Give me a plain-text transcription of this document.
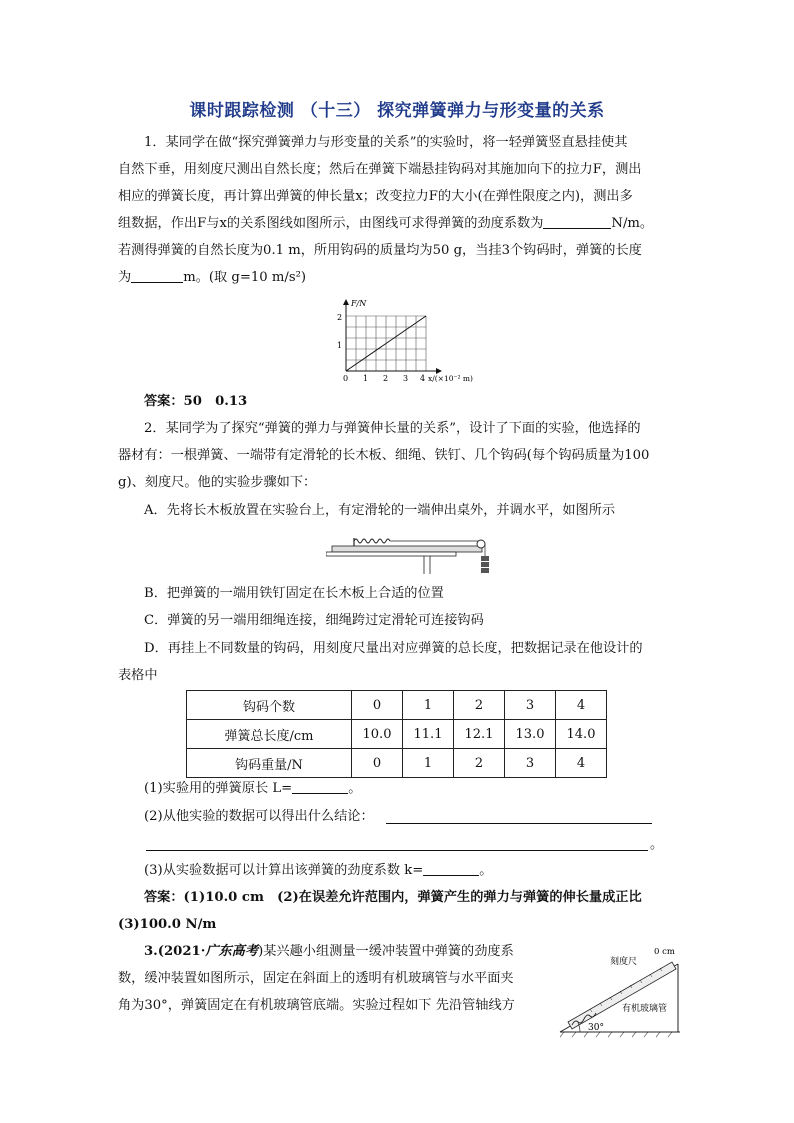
课时跟踪检测 （十三） 探究弹簧弹力与形变量的关系
1．某同学在做“探究弹簧弹力与形变量的关系”的实验时，将一轻弹簧竖直悬挂使其
自然下垂，用刻度尺测出自然长度；然后在弹簧下端悬挂钩码对其施加向下的拉力F，测出
相应的弹簧长度，再计算出弹簧的伸长量x；改变拉力F的大小(在弹性限度之内)，测出多
组数据，作出F与x的关系图线如图所示，由图线可求得弹簧的劲度系数为	N/m。
若测得弹簧的自然长度为0.1 m，所用钩码的质量均为50 g，当挂3个钩码时，弹簧的长度
为	m。(取 g=10 m/s²)
F/N
1
2
0 1 2 3 4 x/(×10⁻² m)
答案：50　0.13
2．某同学为了探究“弹簧的弹力与弹簧伸长量的关系”，设计了下面的实验，他选择的
器材有：一根弹簧、一端带有定滑轮的长木板、细绳、铁钉、几个钩码(每个钩码质量为100
g)、刻度尺。他的实验步骤如下：
A．先将长木板放置在实验台上，有定滑轮的一端伸出桌外，并调水平，如图所示
B．把弹簧的一端用铁钉固定在长木板上合适的位置
C．弹簧的另一端用细绳连接，细绳跨过定滑轮可连接钩码
D．再挂上不同数量的钩码，用刻度尺量出对应弹簧的总长度，把数据记录在他设计的
表格中
钩码个数	0	1	2	3	4
弹簧总长度/cm	10.0	11.1	12.1	13.0	14.0
钩码重量/N	0	1	2	3	4
(1)实验用的弹簧原长 L=	。
(2)从他实验的数据可以得出什么结论：
。
(3)从实验数据可以计算出该弹簧的劲度系数 k=	。
答案：(1)10.0 cm　(2)在误差允许范围内，弹簧产生的弹力与弹簧的伸长量成正比
(3)100.0 N/m
3.(2021·广东高考)某兴趣小组测量一缓冲装置中弹簧的劲度系
数，缓冲装置如图所示，固定在斜面上的透明有机玻璃管与水平面夹
角为30°，弹簧固定在有机玻璃管底端。实验过程如下 先沿管轴线方
30°
刻度尺
0 cm
有机玻璃管
